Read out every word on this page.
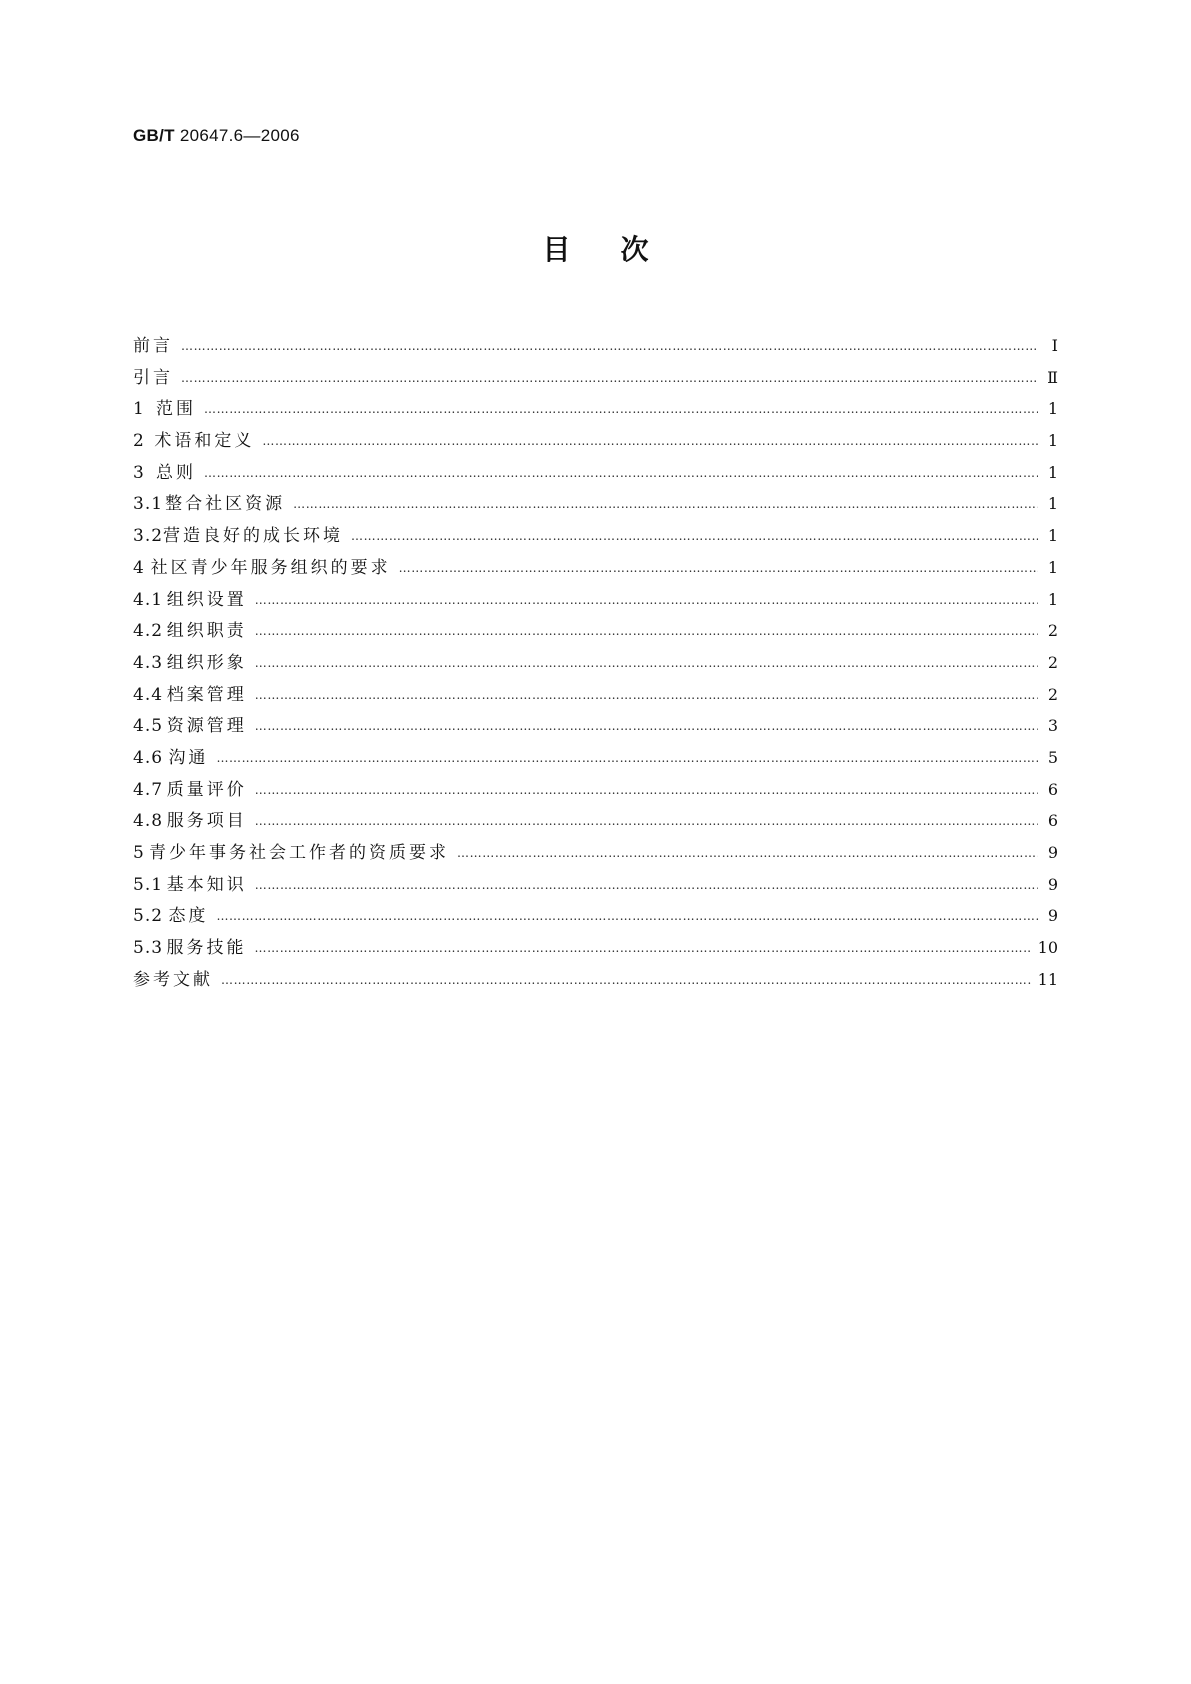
GB/T 20647.6—2006
目次
前言 ……………………………………………………………………………………………………………………………………………………………………………………………………………………………………………………	Ⅰ
引言 ……………………………………………………………………………………………………………………………………………………………………………………………………………………………………………………	Ⅱ
1 范围 ……………………………………………………………………………………………………………………………………………………………………………………………………………………………………………………	1
2 术语和定义 ……………………………………………………………………………………………………………………………………………………………………………………………………………………………………………………	1
3 总则 ……………………………………………………………………………………………………………………………………………………………………………………………………………………………………………………	1
3.1 整合社区资源 ……………………………………………………………………………………………………………………………………………………………………………………………………………………………………………………	1
3.2 营造良好的成长环境 ……………………………………………………………………………………………………………………………………………………………………………………………………………………………………………………	1
4 社区青少年服务组织的要求 ……………………………………………………………………………………………………………………………………………………………………………………………………………………………………………………	1
4.1 组织设置 ……………………………………………………………………………………………………………………………………………………………………………………………………………………………………………………	1
4.2 组织职责 ……………………………………………………………………………………………………………………………………………………………………………………………………………………………………………………	2
4.3 组织形象 ……………………………………………………………………………………………………………………………………………………………………………………………………………………………………………………	2
4.4 档案管理 ……………………………………………………………………………………………………………………………………………………………………………………………………………………………………………………	2
4.5 资源管理 ……………………………………………………………………………………………………………………………………………………………………………………………………………………………………………………	3
4.6 沟通 ……………………………………………………………………………………………………………………………………………………………………………………………………………………………………………………	5
4.7 质量评价 ……………………………………………………………………………………………………………………………………………………………………………………………………………………………………………………	6
4.8 服务项目 ……………………………………………………………………………………………………………………………………………………………………………………………………………………………………………………	6
5 青少年事务社会工作者的资质要求 ……………………………………………………………………………………………………………………………………………………………………………………………………………………………………………………	9
5.1 基本知识 ……………………………………………………………………………………………………………………………………………………………………………………………………………………………………………………	9
5.2 态度 ……………………………………………………………………………………………………………………………………………………………………………………………………………………………………………………	9
5.3 服务技能 ……………………………………………………………………………………………………………………………………………………………………………………………………………………………………………………	10
参考文献 ……………………………………………………………………………………………………………………………………………………………………………………………………………………………………………………	11
